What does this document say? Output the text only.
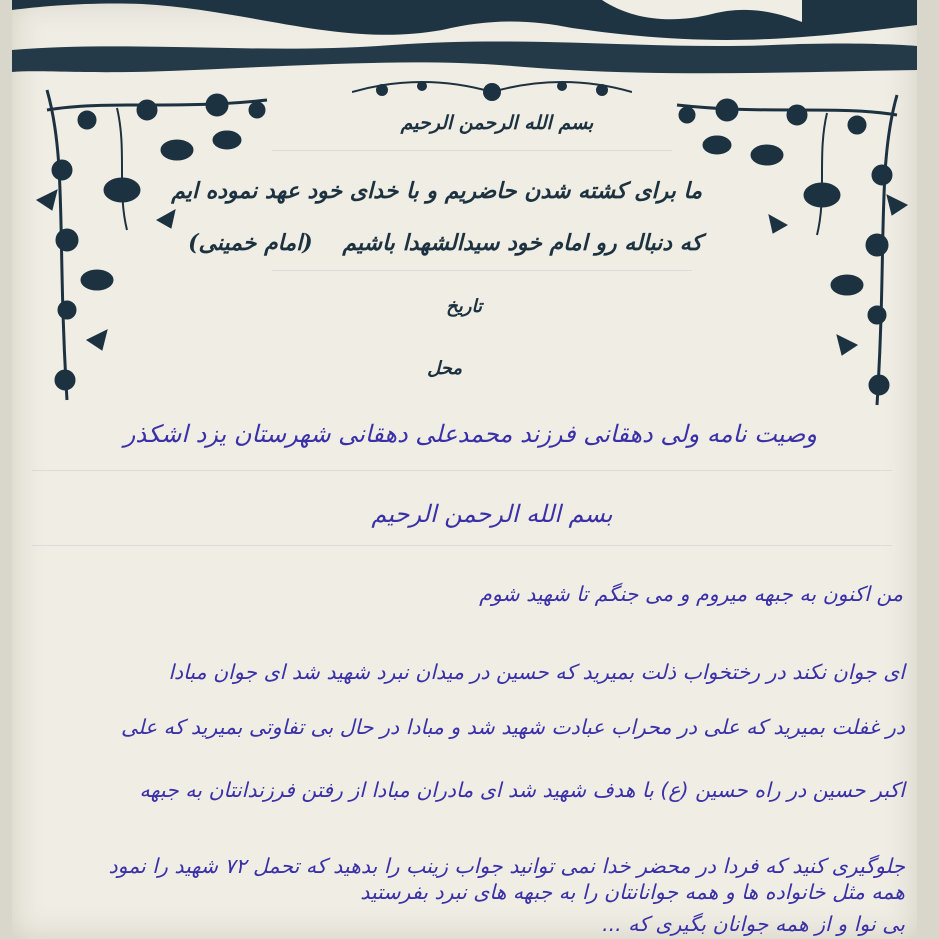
بسم الله الرحمن الرحیم
ما برای کشته شدن حاضریم و با خدای خود عهد نموده ایم
که دنباله رو امام خود سیدالشهدا باشیم (امام خمینی)
تاریخ
محل
وصیت نامه ولی دهقانی فرزند محمدعلی دهقانی شهرستان یزد اشکذر
بسم الله الرحمن الرحیم
من اکنون به جبهه میروم و می جنگم تا شهید شوم
ای جوان نکند در رختخواب ذلت بمیرید که حسین در میدان نبرد شهید شد ای جوان مبادا
در غفلت بمیرید که علی در محراب عبادت شهید شد و مبادا در حال بی تفاوتی بمیرید که علی
اکبر حسین در راه حسین (ع) با هدف شهید شد ای مادران مبادا از رفتن فرزندانتان به جبهه
جلوگیری کنید که فردا در محضر خدا نمی توانید جواب زینب را بدهید که تحمل ۷۲ شهید را نمود
همه مثل خانواده ها و همه جوانانتان را به جبهه های نبرد بفرستید
بی نوا و از همه جوانان بگیری که ...
